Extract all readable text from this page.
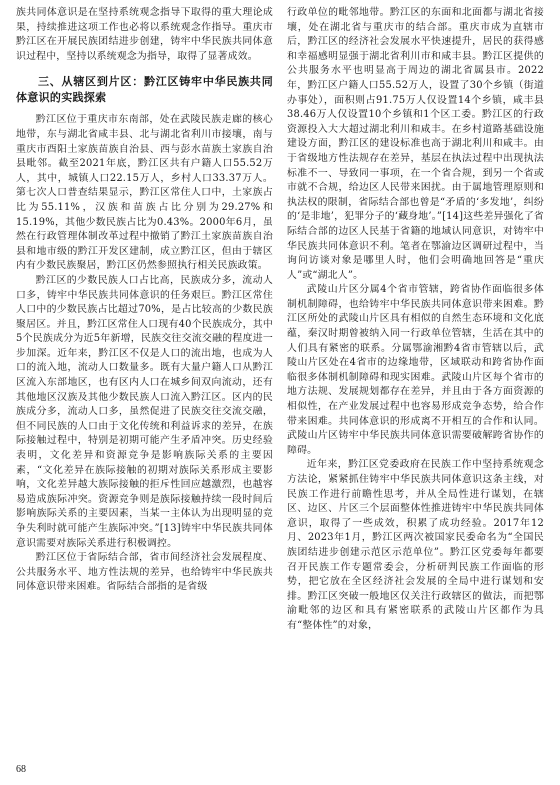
族共同体意识是在坚持系统观念指导下取得的重大理论成果，持续推进这项工作也必将以系统观念作指导。重庆市黔江区在开展民族团结进步创建，铸牢中华民族共同体意识过程中，坚持以系统观念为指导，取得了显著成效。

三、从辖区到片区：黔江区铸牢中华民族共同体意识的实践探索

黔江区位于重庆市东南部，处在武陵民族走廊的核心地带，东与湖北省咸丰县、北与湖北省利川市接壤，南与重庆市酉阳土家族苗族自治县、西与彭水苗族土家族自治县毗邻。截至2021年底，黔江区共有户籍人口55.52万人，其中，城镇人口22.15万人，乡村人口33.37万人。第七次人口普查结果显示，黔江区常住人口中，土家族占比为55.11%，汉族和苗族占比分别为29.27%和15.19%，其他少数民族占比为0.43%。2000年6月，虽然在行政管理体制改革过程中撤销了黔江土家族苗族自治县和地市级的黔江开发区建制，成立黔江区，但由于辖区内有少数民族聚居，黔江区仍然参照执行相关民族政策。

黔江区的少数民族人口占比高，民族成分多，流动人口多，铸牢中华民族共同体意识的任务艰巨。黔江区常住人口中的少数民族占比超过70%，是占比较高的少数民族聚居区。并且，黔江区常住人口现有40个民族成分，其中5个民族成分为近5年新增，民族交往交流交融的程度进一步加深。近年来，黔江区不仅是人口的流出地，也成为人口的流入地，流动人口数量多。既有大量户籍人口从黔江区流入东部地区，也有区内人口在城乡间双向流动，还有其他地区汉族及其他少数民族人口流入黔江区。区内的民族成分多，流动人口多，虽然促进了民族交往交流交融，但不同民族的人口由于文化传统和利益诉求的差异，在族际接触过程中，特别是初期可能产生矛盾冲突。历史经验表明，文化差异和资源竞争是影响族际关系的主要因素，“文化差异在族际接触的初期对族际关系形成主要影响，文化差异越大族际接触的拒斥性回应越激烈，也越容易造成族际冲突。资源竞争则是族际接触持续一段时间后影响族际关系的主要因素，当某一主体认为出现明显的竞争失利时就可能产生族际冲突。”[13]铸牢中华民族共同体意识需要对族际关系进行积极调控。

黔江区位于省际结合部，省市间经济社会发展程度、公共服务水平、地方性法规的差异，也给铸牢中华民族共同体意识带来困难。省际结合部指的是省级

行政单位的毗邻地带。黔江区的东面和北面都与湖北省接壤，处在湖北省与重庆市的结合部。重庆市成为直辖市后，黔江区的经济社会发展水平快速提升，居民的获得感和幸福感明显强于湖北省利川市和咸丰县。黔江区提供的公共服务水平也明显高于周边的湖北省属县市。2022年，黔江区户籍人口55.52万人，设置了30个乡镇（街道办事处），面积则占91.75万人仅设置14个乡镇，咸丰县38.46万人仅设置10个乡镇和1个区工委。黔江区的行政资源投入大大超过湖北利川和咸丰。在乡村道路基础设施建设方面，黔江区的建设标准也高于湖北利川和咸丰。由于省级地方性法规存在差异，基层在执法过程中出现执法标准不一、导致同一事项，在一个省合规，到另一个省或市就不合规，给边区人民带来困扰。由于属地管理原则和执法权的限制，省际结合部也曾是“矛盾的‘多发地’，纠纷的‘是非地’，犯罪分子的‘藏身地’。”[14]这些差异强化了省际结合部的边区人民基于省籍的地域认同意识，对铸牢中华民族共同体意识不利。笔者在鄂渝边区调研过程中，当询问访谈对象是哪里人时，他们会明确地回答是“重庆人”或“湖北人”。

武陵山片区分属4个省市管辖，跨省协作面临很多体制机制障碍，也给铸牢中华民族共同体意识带来困难。黔江区所处的武陵山片区具有相似的自然生态环境和文化底蕴，秦汉时期曾被纳入同一行政单位管辖，生活在其中的人们具有紧密的联系。分属鄂渝湘黔4省市管辖以后，武陵山片区处在4省市的边缘地带，区域联动和跨省协作面临很多体制机制障碍和现实困难。武陵山片区每个省市的地方法规、发展规划都存在差异，并且由于各方面资源的相似性，在产业发展过程中也容易形成竞争态势，给合作带来困难。共同体意识的形成离不开相互的合作和认同。武陵山片区铸牢中华民族共同体意识需要破解跨省协作的障碍。

近年来，黔江区党委政府在民族工作中坚持系统观念方法论，紧紧抓住铸牢中华民族共同体意识这条主线，对民族工作进行前瞻性思考，并从全局性进行谋划，在辖区、边区、片区三个层面整体性推进铸牢中华民族共同体意识，取得了一些成效，积累了成功经验。2017年12月、2023年1月，黔江区两次被国家民委命名为“全国民族团结进步创建示范区示范单位”。黔江区党委每年都要召开民族工作专题常委会，分析研判民族工作面临的形势，把它放在全区经济社会发展的全局中进行谋划和安排。黔江区突破一般地区仅关注行政辖区的做法，而把鄂渝毗邻的边区和具有紧密联系的武陵山片区都作为具有“整体性”的对象，

68
